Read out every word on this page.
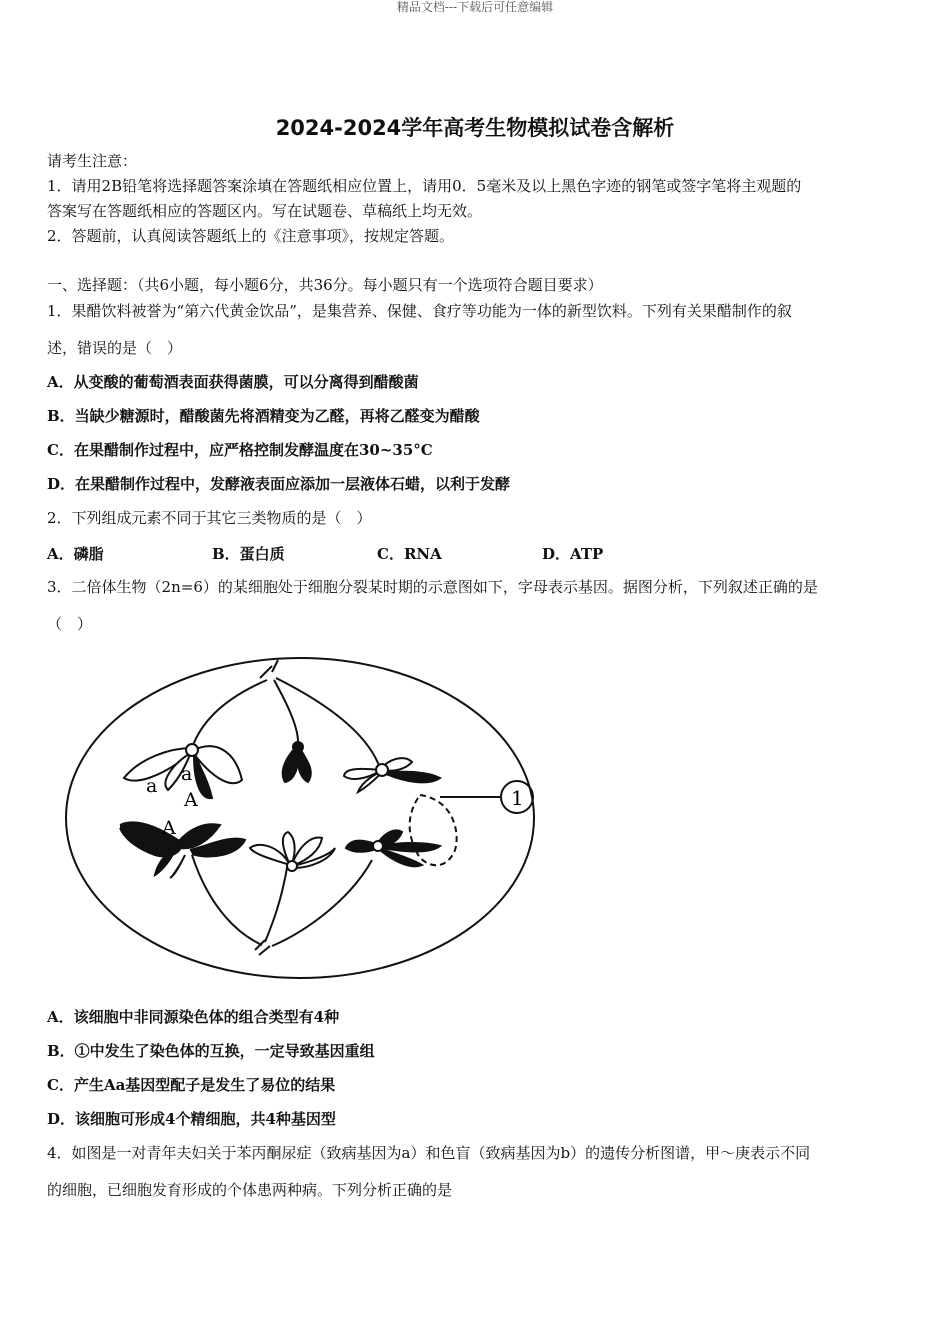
精品文档---下载后可任意编辑
2024-2024学年高考生物模拟试卷含解析
请考生注意：
1．请用2B铅笔将选择题答案涂填在答题纸相应位置上，请用0．5毫米及以上黑色字迹的钢笔或签字笔将主观题的
答案写在答题纸相应的答题区内。写在试题卷、草稿纸上均无效。
2．答题前，认真阅读答题纸上的《注意事项》，按规定答题。
一、选择题：（共6小题，每小题6分，共36分。每小题只有一个选项符合题目要求）
1．果醋饮料被誉为“第六代黄金饮品”，是集营养、保健、食疗等功能为一体的新型饮料。下列有关果醋制作的叙
述，错误的是（　）
A．从变酸的葡萄酒表面获得菌膜，可以分离得到醋酸菌
B．当缺少糖源时，醋酸菌先将酒精变为乙醛，再将乙醛变为醋酸
C．在果醋制作过程中，应严格控制发酵温度在30~35°C
D．在果醋制作过程中，发酵液表面应添加一层液体石蜡，以利于发酵
2．下列组成元素不同于其它三类物质的是（　）
A．磷脂	B．蛋白质	C．RNA	D．ATP
3．二倍体生物（2n=6）的某细胞处于细胞分裂某时期的示意图如下，字母表示基因。据图分析，下列叙述正确的是
（　）
a
a
A
A
1
A．该细胞中非同源染色体的组合类型有4种
B．①中发生了染色体的互换，一定导致基因重组
C．产生Aa基因型配子是发生了易位的结果
D．该细胞可形成4个精细胞，共4种基因型
4．如图是一对青年夫妇关于苯丙酮尿症（致病基因为a）和色盲（致病基因为b）的遗传分析图谱，甲～庚表示不同
的细胞，已细胞发育形成的个体患两种病。下列分析正确的是
